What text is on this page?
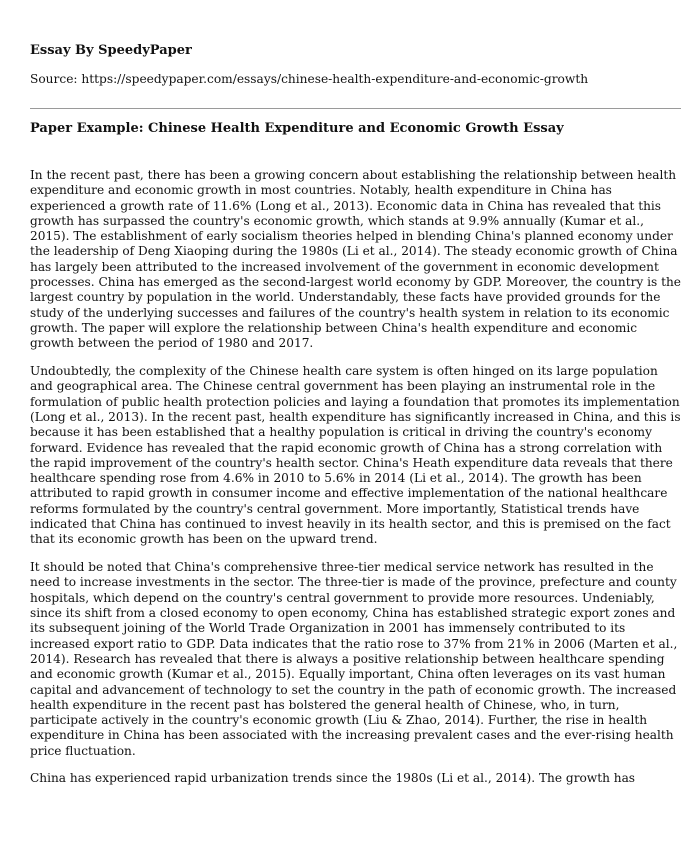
Essay By SpeedyPaper

Source: https://speedypaper.com/essays/chinese-health-expenditure-and-economic-growth

Paper Example: Chinese Health Expenditure and Economic Growth Essay

In the recent past, there has been a growing concern about establishing the relationship between health expenditure and economic growth in most countries. Notably, health expenditure in China has experienced a growth rate of 11.6% (Long et al., 2013). Economic data in China has revealed that this growth has surpassed the country's economic growth, which stands at 9.9% annually (Kumar et al., 2015). The establishment of early socialism theories helped in blending China's planned economy under the leadership of Deng Xiaoping during the 1980s (Li et al., 2014). The steady economic growth of China has largely been attributed to the increased involvement of the government in economic development processes. China has emerged as the second-largest world economy by GDP. Moreover, the country is the largest country by population in the world. Understandably, these facts have provided grounds for the study of the underlying successes and failures of the country's health system in relation to its economic growth. The paper will explore the relationship between China's health expenditure and economic growth between the period of 1980 and 2017.

Undoubtedly, the complexity of the Chinese health care system is often hinged on its large population and geographical area. The Chinese central government has been playing an instrumental role in the formulation of public health protection policies and laying a foundation that promotes its implementation (Long et al., 2013). In the recent past, health expenditure has significantly increased in China, and this is because it has been established that a healthy population is critical in driving the country's economy forward. Evidence has revealed that the rapid economic growth of China has a strong correlation with the rapid improvement of the country's health sector. China's Heath expenditure data reveals that there healthcare spending rose from 4.6% in 2010 to 5.6% in 2014 (Li et al., 2014). The growth has been attributed to rapid growth in consumer income and effective implementation of the national healthcare reforms formulated by the country's central government. More importantly, Statistical trends have indicated that China has continued to invest heavily in its health sector, and this is premised on the fact that its economic growth has been on the upward trend.

It should be noted that China's comprehensive three-tier medical service network has resulted in the need to increase investments in the sector. The three-tier is made of the province, prefecture and county hospitals, which depend on the country's central government to provide more resources. Undeniably, since its shift from a closed economy to open economy, China has established strategic export zones and its subsequent joining of the World Trade Organization in 2001 has immensely contributed to its increased export ratio to GDP. Data indicates that the ratio rose to 37% from 21% in 2006 (Marten et al., 2014). Research has revealed that there is always a positive relationship between healthcare spending and economic growth (Kumar et al., 2015). Equally important, China often leverages on its vast human capital and advancement of technology to set the country in the path of economic growth. The increased health expenditure in the recent past has bolstered the general health of Chinese, who, in turn, participate actively in the country's economic growth (Liu & Zhao, 2014). Further, the rise in health expenditure in China has been associated with the increasing prevalent cases and the ever-rising health price fluctuation.

China has experienced rapid urbanization trends since the 1980s (Li et al., 2014). The growth has
